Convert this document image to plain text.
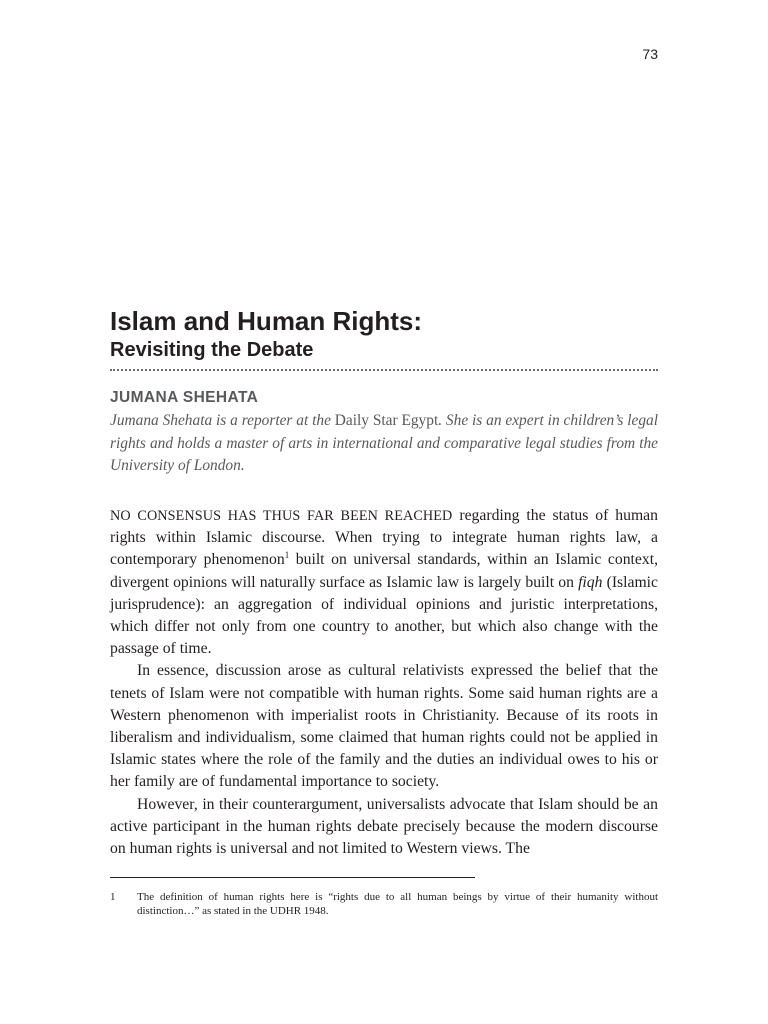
73
Islam and Human Rights:
Revisiting the Debate
JUMANA SHEHATA

Jumana Shehata is a reporter at the Daily Star Egypt. She is an expert in children’s legal rights and holds a master of arts in international and comparative legal studies from the University of London.

NO CONSENSUS HAS THUS FAR BEEN REACHED regarding the status of human rights within Islamic discourse. When trying to integrate human rights law, a contemporary phenomenon$^1$ built on universal standards, within an Islamic context, divergent opinions will naturally surface as Islamic law is largely built on fiqh (Islamic jurisprudence): an aggregation of individual opinions and juristic interpretations, which differ not only from one country to another, but which also change with the passage of time.

In essence, discussion arose as cultural relativists expressed the belief that the tenets of Islam were not compatible with human rights. Some said human rights are a Western phenomenon with imperialist roots in Christianity. Because of its roots in liberalism and individualism, some claimed that human rights could not be applied in Islamic states where the role of the family and the duties an individual owes to his or her family are of fundamental importance to society.

However, in their counterargument, universalists advocate that Islam should be an active participant in the human rights debate precisely because the modern discourse on human rights is universal and not limited to Western views. The

1 The definition of human rights here is “rights due to all human beings by virtue of their humanity without distinction…” as stated in the UDHR 1948.
